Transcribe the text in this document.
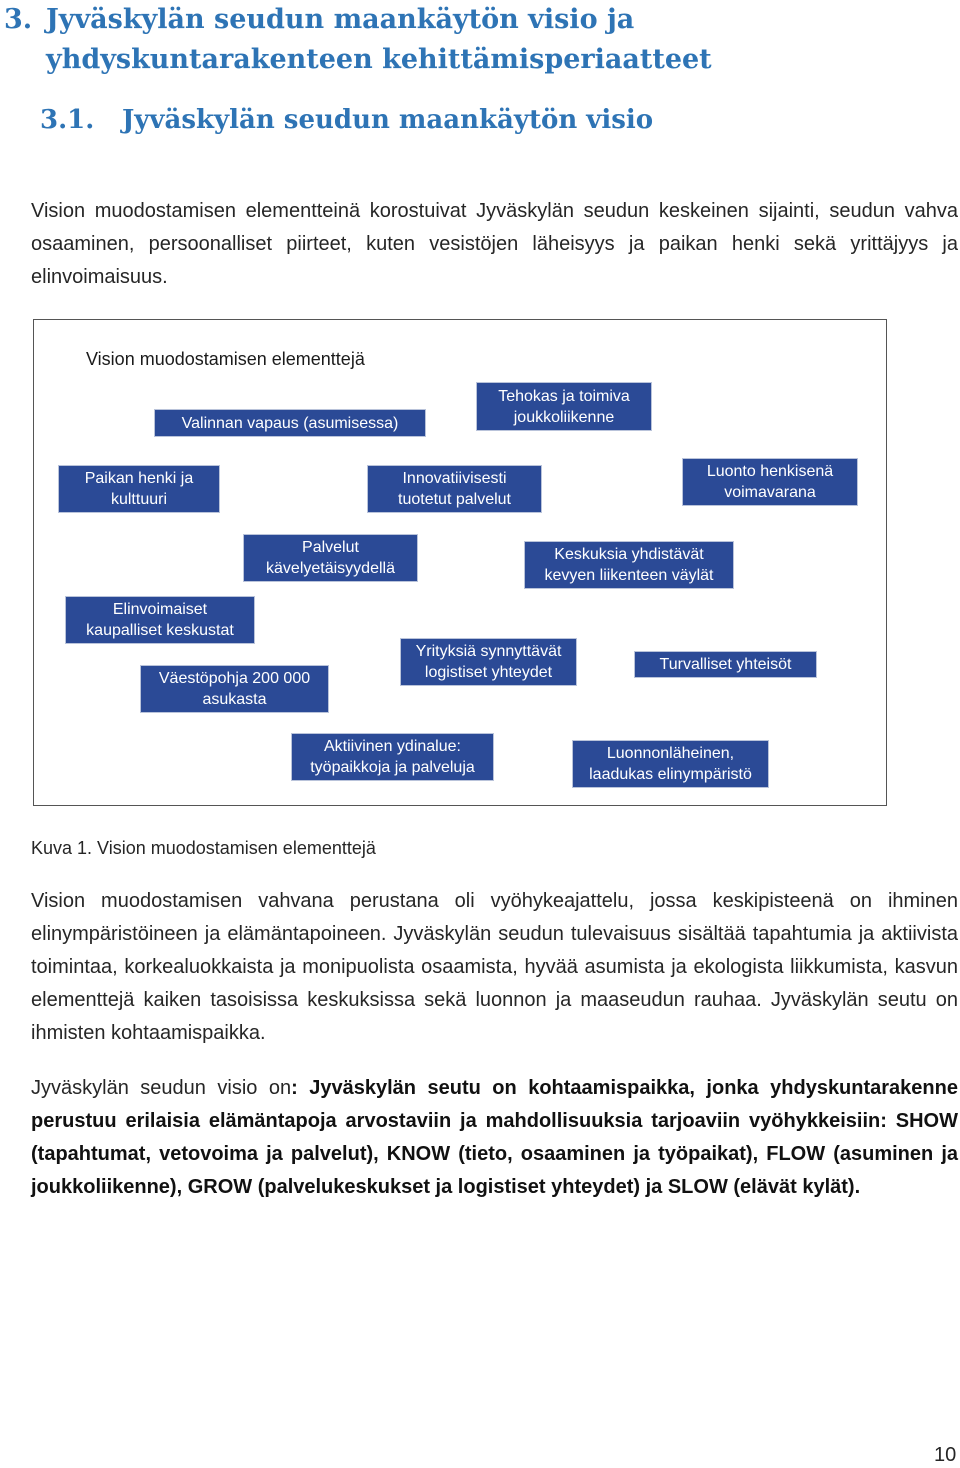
3. Jyväskylän seudun maankäytön visio ja yhdyskuntarakenteen kehittämisperiaatteet
3.1. Jyväskylän seudun maankäytön visio

Vision muodostamisen elementteinä korostuivat Jyväskylän seudun keskeinen sijainti, seudun vahva osaaminen, persoonalliset piirteet, kuten vesistöjen läheisyys ja paikan henki sekä yrittäjyys ja elinvoimaisuus.

Vision muodostamisen elementtejä
Valinnan vapaus (asumisessa)
Tehokas ja toimiva
joukkoliikenne
Paikan henki ja
kulttuuri
Innovatiivisesti
tuotetut palvelut
Luonto henkisenä
voimavarana
Palvelut
kävelyetäisyydellä
Keskuksia yhdistävät
kevyen liikenteen väylät
Elinvoimaiset
kaupalliset keskustat
Väestöpohja 200 000
asukasta
Yrityksiä synnyttävät
logistiset yhteydet	Turvalliset yhteisöt
Aktiivinen ydinalue:
työpaikkoja ja palveluja
Luonnonläheinen,
laadukas elinympäristö
Kuva 1. Vision muodostamisen elementtejä

Vision muodostamisen vahvana perustana oli vyöhykeajattelu, jossa keskipisteenä on ihminen elinympäristöineen ja elämäntapoineen. Jyväskylän seudun tulevaisuus sisältää tapahtumia ja aktiivista toimintaa, korkealuokkaista ja monipuolista osaamista, hyvää asumista ja ekologista liikkumista, kasvun elementtejä kaiken tasoisissa keskuksissa sekä luonnon ja maaseudun rauhaa. Jyväskylän seutu on ihmisten kohtaamispaikka.

Jyväskylän seudun visio on: Jyväskylän seutu on kohtaamispaikka, jonka yhdyskuntarakenne perustuu erilaisia elämäntapoja arvostaviin ja mahdollisuuksia tarjoaviin vyöhykkeisiin: SHOW (tapahtumat, vetovoima ja palvelut), KNOW (tieto, osaaminen ja työpaikat), FLOW (asuminen ja joukkoliikenne), GROW (palvelukeskukset ja logistiset yhteydet) ja SLOW (elävät kylät).

10
